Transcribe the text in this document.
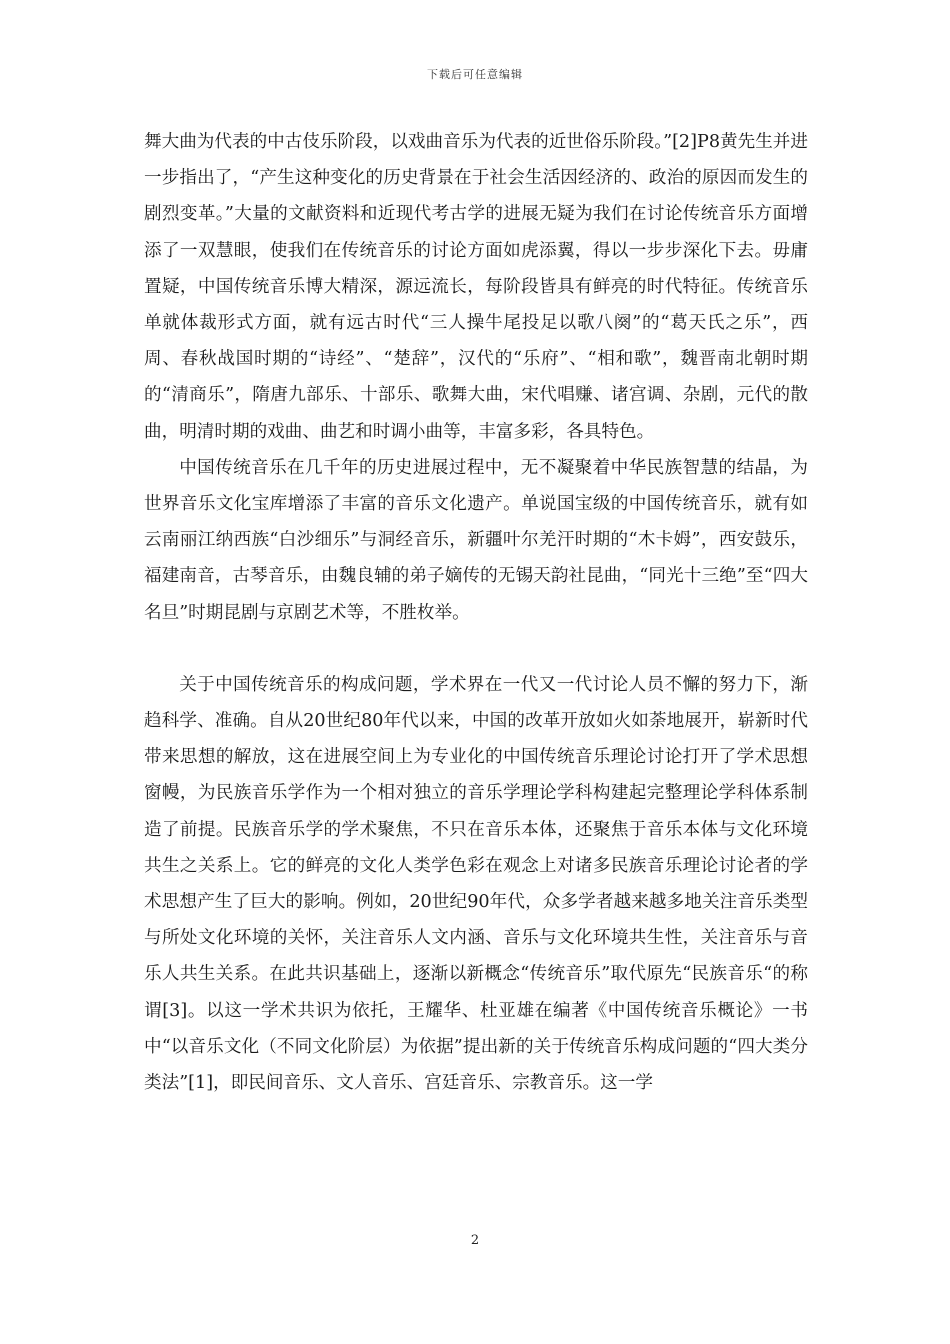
下载后可任意编辑

舞大曲为代表的中古伎乐阶段，以戏曲音乐为代表的近世俗乐阶段。”[2]P8黄先生并进一步指出了，“产生这种变化的历史背景在于社会生活因经济的、政治的原因而发生的剧烈变革。”大量的文献资料和近现代考古学的进展无疑为我们在讨论传统音乐方面增添了一双慧眼，使我们在传统音乐的讨论方面如虎添翼，得以一步步深化下去。毋庸置疑，中国传统音乐博大精深，源远流长，每阶段皆具有鲜亮的时代特征。传统音乐单就体裁形式方面，就有远古时代“三人操牛尾投足以歌八阕”的“葛天氏之乐”，西周、春秋战国时期的“诗经”、“楚辞”，汉代的“乐府”、“相和歌”，魏晋南北朝时期的“清商乐”，隋唐九部乐、十部乐、歌舞大曲，宋代唱赚、诸宫调、杂剧，元代的散曲，明清时期的戏曲、曲艺和时调小曲等，丰富多彩，各具特色。

中国传统音乐在几千年的历史进展过程中，无不凝聚着中华民族智慧的结晶，为世界音乐文化宝库增添了丰富的音乐文化遗产。单说国宝级的中国传统音乐，就有如云南丽江纳西族“白沙细乐”与洞经音乐，新疆叶尔羌汗时期的“木卡姆”，西安鼓乐，福建南音，古琴音乐，由魏良辅的弟子嫡传的无锡天韵社昆曲，“同光十三绝”至“四大名旦”时期昆剧与京剧艺术等，不胜枚举。

关于中国传统音乐的构成问题，学术界在一代又一代讨论人员不懈的努力下，渐趋科学、准确。自从20世纪80年代以来，中国的改革开放如火如荼地展开，崭新时代带来思想的解放，这在进展空间上为专业化的中国传统音乐理论讨论打开了学术思想窗幔，为民族音乐学作为一个相对独立的音乐学理论学科构建起完整理论学科体系制造了前提。民族音乐学的学术聚焦，不只在音乐本体，还聚焦于音乐本体与文化环境共生之关系上。它的鲜亮的文化人类学色彩在观念上对诸多民族音乐理论讨论者的学术思想产生了巨大的影响。例如，20世纪90年代，众多学者越来越多地关注音乐类型与所处文化环境的关怀，关注音乐人文内涵、音乐与文化环境共生性，关注音乐与音乐人共生关系。在此共识基础上，逐渐以新概念“传统音乐”取代原先“民族音乐“的称谓[3]。以这一学术共识为依托，王耀华、杜亚雄在编著《中国传统音乐概论》一书中“以音乐文化（不同文化阶层）为依据”提出新的关于传统音乐构成问题的“四大类分类法”[1]，即民间音乐、文人音乐、宫廷音乐、宗教音乐。这一学

2
